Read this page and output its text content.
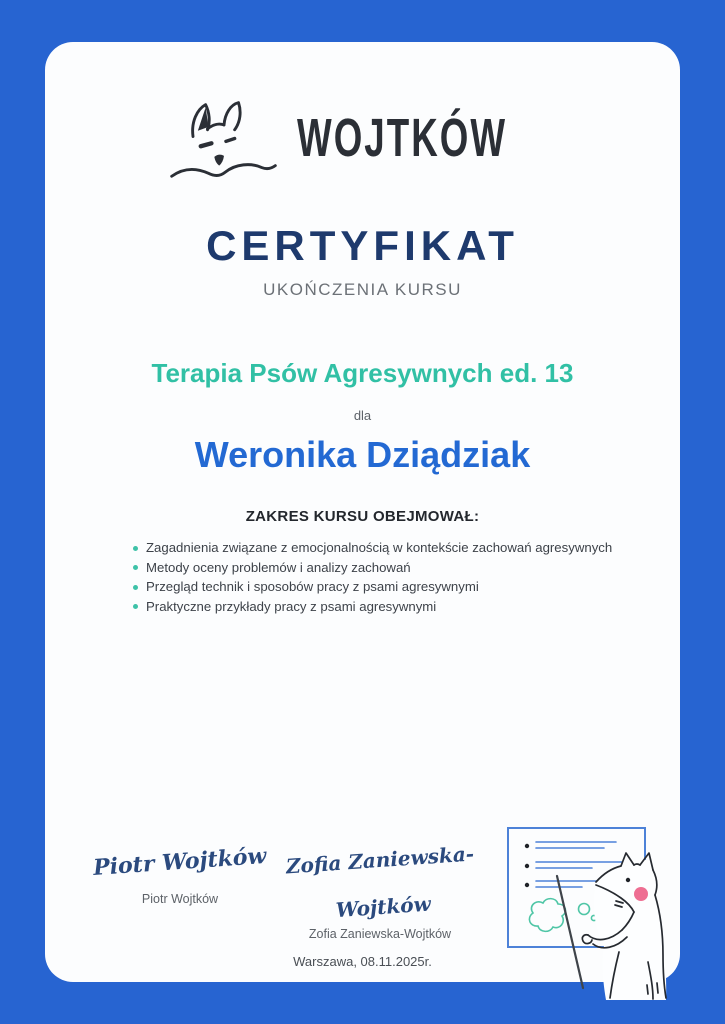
WOJTKÓW
CERTYFIKAT
UKOŃCZENIA KURSU
Terapia Psów Agresywnych ed. 13
dla
Weronika Dziądziak
ZAKRES KURSU OBEJMOWAŁ:
Zagadnienia związane z emocjonalnością w kontekście zachowań agresywnych
Metody oceny problemów i analizy zachowań
Przegląd technik i sposobów pracy z psami agresywnymi
Praktyczne przykłady pracy z psami agresywnymi
Piotr Wojtków
Piotr Wojtków
Zofia Zaniewska-Wojtków
Zofia Zaniewska-Wojtków
Warszawa, 08.11.2025r.
